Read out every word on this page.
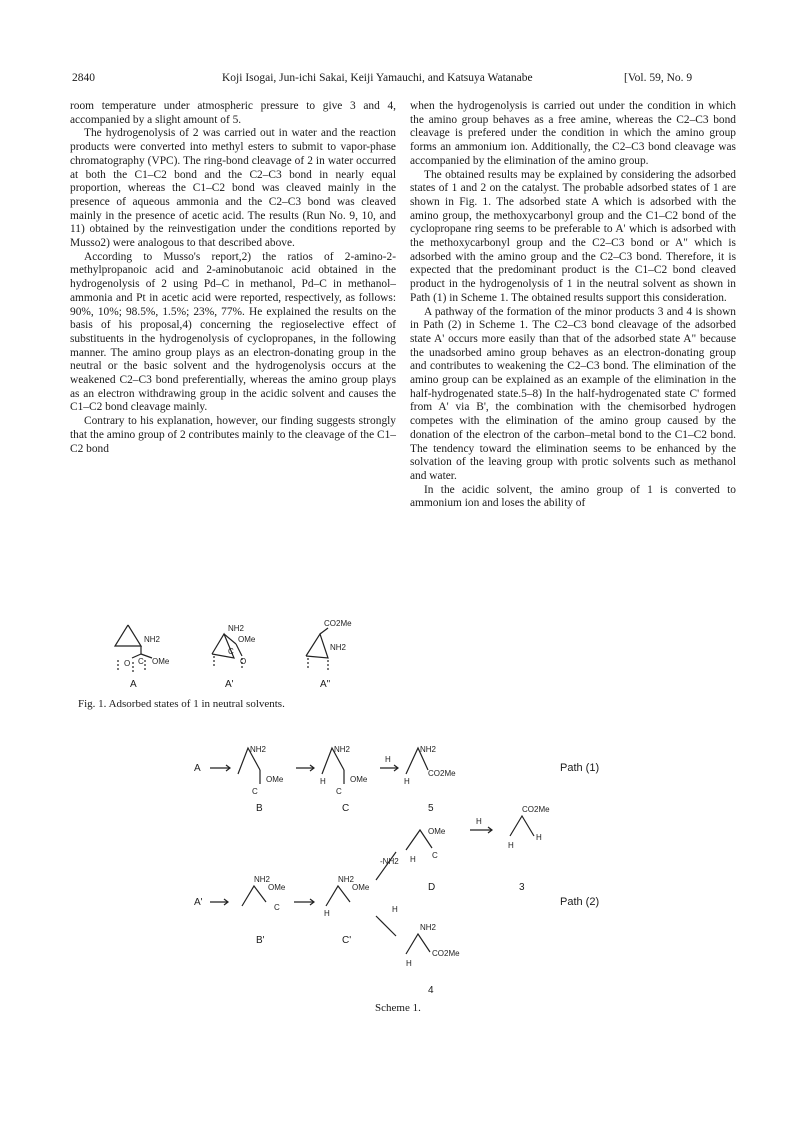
2840	Koji Isogai, Jun-ichi Sakai, Keiji Yamauchi, and Katsuya Watanabe	[Vol. 59, No. 9

room temperature under atmospheric pressure to give 3 and 4, accompanied by a slight amount of 5.

The hydrogenolysis of 2 was carried out in water and the reaction products were converted into methyl esters to submit to vapor-phase chromatography (VPC). The ring-bond cleavage of 2 in water occurred at both the C1–C2 bond and the C2–C3 bond in nearly equal proportion, whereas the C1–C2 bond was cleaved mainly in the presence of aqueous ammonia and the C2–C3 bond was cleaved mainly in the presence of acetic acid. The results (Run No. 9, 10, and 11) obtained by the reinvestigation under the conditions reported by Musso2) were analogous to that described above.

According to Musso's report,2) the ratios of 2-amino-2-methylpropanoic acid and 2-aminobutanoic acid obtained in the hydrogenolysis of 2 using Pd–C in methanol, Pd–C in methanol–ammonia and Pt in acetic acid were reported, respectively, as follows: 90%, 10%; 98.5%, 1.5%; 23%, 77%. He explained the results on the basis of his proposal,4) concerning the regioselective effect of substituents in the hydrogenolysis of cyclopropanes, in the following manner. The amino group plays as an electron-donating group in the neutral or the basic solvent and the hydrogenolysis occurs at the weakened C2–C3 bond preferentially, whereas the amino group plays as an electron withdrawing group in the acidic solvent and causes the C1–C2 bond cleavage mainly.

Contrary to his explanation, however, our finding suggests strongly that the amino group of 2 contributes mainly to the cleavage of the C1–C2 bond

when the hydrogenolysis is carried out under the condition in which the amino group behaves as a free amine, whereas the C2–C3 bond cleavage is prefered under the condition in which the amino group forms an ammonium ion. Additionally, the C2–C3 bond cleavage was accompanied by the elimination of the amino group.

The obtained results may be explained by considering the adsorbed states of 1 and 2 on the catalyst. The probable adsorbed states of 1 are shown in Fig. 1. The adsorbed state A which is adsorbed with the amino group, the methoxycarbonyl group and the C1–C2 bond of the cyclopropane ring seems to be preferable to A' which is adsorbed with the methoxycarbonyl group and the C2–C3 bond or A" which is adsorbed with the amino group and the C2–C3 bond. Therefore, it is expected that the predominant product is the C1–C2 bond cleaved product in the hydrogenolysis of 1 in the neutral solvent as shown in Path (1) in Scheme 1. The obtained results support this consideration.

A pathway of the formation of the minor products 3 and 4 is shown in Path (2) in Scheme 1. The C2–C3 bond cleavage of the adsorbed state A' occurs more easily than that of the adsorbed state A" because the unadsorbed amino group behaves as an electron-donating group and contributes to weakening the C2–C3 bond. The elimination of the amino group can be explained as an example of the elimination in the half-hydrogenated state.5–8) In the half-hydrogenated state C' formed from A' via B', the combination with the chemisorbed hydrogen competes with the elimination of the amino group caused by the donation of the electron of the carbon–metal bond to the C1–C2 bond. The tendency toward the elimination seems to be enhanced by the solvation of the leaving group with protic solvents such as methanol and water.

In the acidic solvent, the amino group of 1 is converted to ammonium ion and loses the ability of

NH2
O C OMe
NH2
OMe
C
O
CO2Me
NH2
A	A'	A"
Fig. 1. Adsorbed states of 1 in neutral solvents.
A
NH2
C
OMe
NH2
H
C
OMe
H
NH2
CO2Me
H
A'
NH2
OMe
C
NH2
OMe
H
-NH2
H
OMe
C
H
H
CO2Me
H
H
NH2
CO2Me
H
Path (1)
Path (2)
B	C	5
B'	C'
D	3
4
Scheme 1.
